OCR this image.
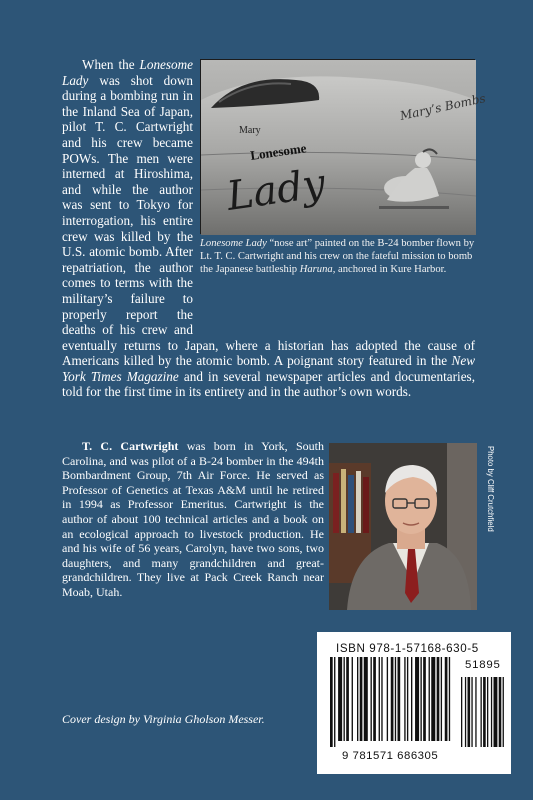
Mary’s Bombs
Mary
Lonesome
Lady
Lonesome Lady “nose art” painted on the B-24 bomber flown by Lt. T. C. Cartwright and his crew on the fateful mission to bomb the Japanese battleship Haruna, anchored in Kure Harbor.

When the Lonesome Lady was shot down during a bombing run in the Inland Sea of Japan, pilot T. C. Cartwright and his crew became POWs. The men were interned at Hiroshima, and while the author was sent to Tokyo for interrogation, his entire crew was killed by the U.S. atomic bomb. After repatriation, the author comes to terms with the military’s failure to properly report the deaths of his crew and eventually returns to Japan, where a historian has adopted the cause of Americans killed by the atomic bomb. A poignant story featured in the New York Times Magazine and in several newspaper articles and documentaries, told for the first time in its entirety and in the author’s own words.

T. C. Cartwright was born in York, South Carolina, and was pilot of a B-24 bomber in the 494th Bombardment Group, 7th Air Force. He served as Professor of Genetics at Texas A&M until he retired in 1994 as Professor Emeritus. Cartwright is the author of about 100 technical articles and a book on an ecological approach to livestock production. He and his wife of 56 years, Carolyn, have two sons, two daughters, and many grandchildren and great-grandchildren. They live at Pack Creek Ranch near Moab, Utah.

Photo by Cliff Crutchfield
Cover design by Virginia Gholson Messer.
ISBN 978-1-57168-630-5
51895
9 781571 686305
